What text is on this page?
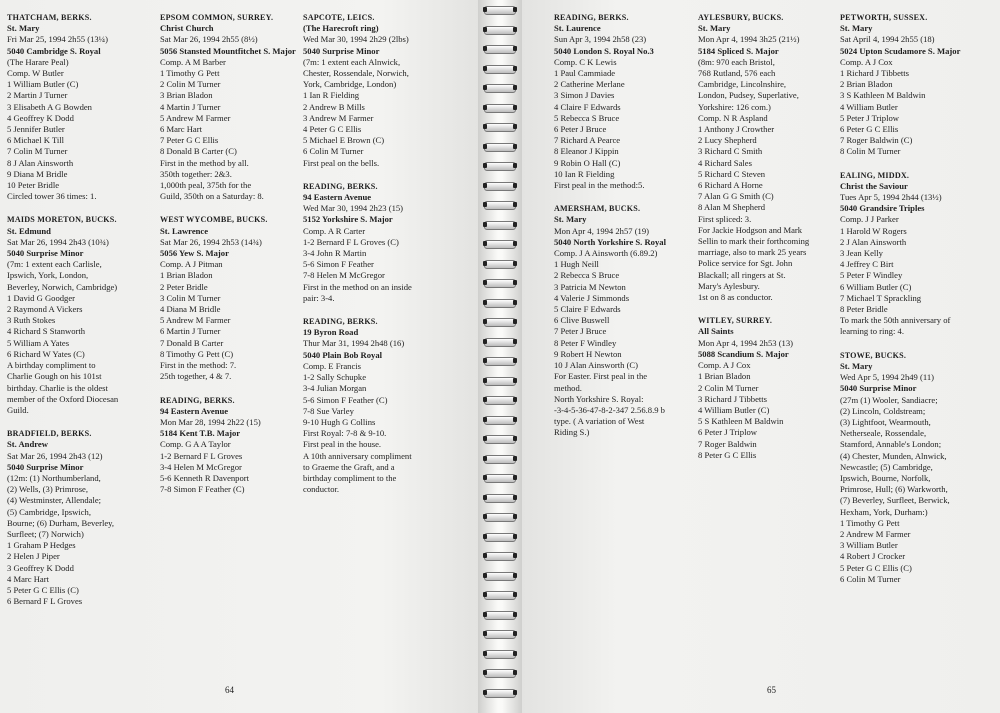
THATCHAM, BERKS.
St. Mary
Fri Mar 25, 1994 2h55 (13¼)
5040 Cambridge S. Royal
(The Harare Peal)
Comp. W Butler
1 William Butler (C)
2 Martin J Turner
3 Elisabeth A G Bowden
4 Geoffrey K Dodd
5 Jennifer Butler
6 Michael K Till
7 Colin M Turner
8 J Alan Ainsworth
9 Diana M Bridle
10 Peter Bridle
Circled tower 36 times: 1.
MAIDS MORETON, BUCKS.
St. Edmund
Sat Mar 26, 1994 2h43 (10¾)
5040 Surprise Minor
(7m: 1 extent each Carlisle,
Ipswich, York, London,
Beverley, Norwich, Cambridge)
1 David G Goodger
2 Raymond A Vickers
3 Ruth Stokes
4 Richard S Stanworth
5 William A Yates
6 Richard W Yates (C)
A birthday compliment to
Charlie Gough on his 101st
birthday. Charlie is the oldest
member of the Oxford Diocesan
Guild.
BRADFIELD, BERKS.
St. Andrew
Sat Mar 26, 1994 2h43 (12)
5040 Surprise Minor
(12m: (1) Northumberland,
(2) Wells, (3) Primrose,
(4) Westminster, Allendale;
(5) Cambridge, Ipswich,
Bourne; (6) Durham, Beverley,
Surfleet; (7) Norwich)
1 Graham P Hedges
2 Helen J Piper
3 Geoffrey K Dodd
4 Marc Hart
5 Peter G C Ellis (C)
6 Bernard F L Groves
EPSOM COMMON, SURREY.
Christ Church
Sat Mar 26, 1994 2h55 (8½)
5056 Stansted Mountfitchet S. Major
Comp. A M Barber
1 Timothy G Pett
2 Colin M Turner
3 Brian Bladon
4 Martin J Turner
5 Andrew M Farmer
6 Marc Hart
7 Peter G C Ellis
8 Donald B Carter (C)
First in the method by all.
350th together: 2&3.
1,000th peal, 375th for the
Guild, 350th on a Saturday: 8.
WEST WYCOMBE, BUCKS.
St. Lawrence
Sat Mar 26, 1994 2h53 (14¾)
5056 Yew S. Major
Comp. A J Pitman
1 Brian Bladon
2 Peter Bridle
3 Colin M Turner
4 Diana M Bridle
5 Andrew M Farmer
6 Martin J Turner
7 Donald B Carter
8 Timothy G Pett (C)
First in the method: 7.
25th together, 4 & 7.
READING, BERKS.
94 Eastern Avenue
Mon Mar 28, 1994 2h22 (15)
5184 Kent T.B. Major
Comp. G A A Taylor
1-2 Bernard F L Groves
3-4 Helen M McGregor
5-6 Kenneth R Davenport
7-8 Simon F Feather (C)
SAPCOTE, LEICS.
(The Harecroft ring)
Wed Mar 30, 1994 2h29 (2lbs)
5040 Surprise Minor
(7m: 1 extent each Alnwick,
Chester, Rossendale, Norwich,
York, Cambridge, London)
1 Ian R Fielding
2 Andrew B Mills
3 Andrew M Farmer
4 Peter G C Ellis
5 Michael E Brown (C)
6 Colin M Turner
First peal on the bells.
READING, BERKS.
94 Eastern Avenue
Wed Mar 30, 1994 2h23 (15)
5152 Yorkshire S. Major
Comp. A R Carter
1-2 Bernard F L Groves (C)
3-4 John R Martin
5-6 Simon F Feather
7-8 Helen M McGregor
First in the method on an inside
pair: 3-4.
READING, BERKS.
19 Byron Road
Thur Mar 31, 1994 2h48 (16)
5040 Plain Bob Royal
Comp. E Francis
1-2 Sally Schupke
3-4 Julian Morgan
5-6 Simon F Feather (C)
7-8 Sue Varley
9-10 Hugh G Collins
First Royal: 7-8 & 9-10.
First peal in the house.
A 10th anniversary compliment
to Graeme the Graft, and a
birthday compliment to the
conductor.
64
READING, BERKS.
St. Laurence
Sun Apr 3, 1994 2h58 (23)
5040 London S. Royal No.3
Comp. C K Lewis
1 Paul Cammiade
2 Catherine Merlane
3 Simon J Davies
4 Claire F Edwards
5 Rebecca S Bruce
6 Peter J Bruce
7 Richard A Pearce
8 Eleanor J Kippin
9 Robin O Hall (C)
10 Ian R Fielding
First peal in the method:5.
AMERSHAM, BUCKS.
St. Mary
Mon Apr 4, 1994 2h57 (19)
5040 North Yorkshire S. Royal
Comp. J A Ainsworth (6.89.2)
1 Hugh Neill
2 Rebecca S Bruce
3 Patricia M Newton
4 Valerie J Simmonds
5 Claire F Edwards
6 Clive Buswell
7 Peter J Bruce
8 Peter F Windley
9 Robert H Newton
10 J Alan Ainsworth (C)
For Easter. First peal in the
method.
North Yorkshire S. Royal:
-3-4-5-36-47-8-2-347 2.56.8.9 b
type. ( A variation of West
Riding S.)
AYLESBURY, BUCKS.
St. Mary
Mon Apr 4, 1994 3h25 (21½)
5184 Spliced S. Major
(8m: 970 each Bristol,
768 Rutland, 576 each
Cambridge, Lincolnshire,
London, Pudsey, Superlative,
Yorkshire: 126 com.)
Comp. N R Aspland
1 Anthony J Crowther
2 Lucy Shepherd
3 Richard C Smith
4 Richard Sales
5 Richard C Steven
6 Richard A Horne
7 Alan G G Smith (C)
8 Alan M Shepherd
First spliced: 3.
For Jackie Hodgson and Mark
Sellin to mark their forthcoming
marriage, also to mark 25 years
Police service for Sgt. John
Blackall; all ringers at St.
Mary's Aylesbury.
1st on 8 as conductor.
WITLEY, SURREY.
All Saints
Mon Apr 4, 1994 2h53 (13)
5088 Scandium S. Major
Comp. A J Cox
1 Brian Bladon
2 Colin M Turner
3 Richard J Tibbetts
4 William Butler (C)
5 S Kathleen M Baldwin
6 Peter J Triplow
7 Roger Baldwin
8 Peter G C Ellis
PETWORTH, SUSSEX.
St. Mary
Sat April 4, 1994 2h55 (18)
5024 Upton Scudamore S. Major
Comp. A J Cox
1 Richard J Tibbetts
2 Brian Bladon
3 S Kathleen M Baldwin
4 William Butler
5 Peter J Triplow
6 Peter G C Ellis
7 Roger Baldwin (C)
8 Colin M Turner
EALING, MIDDX.
Christ the Saviour
Tues Apr 5, 1994 2h44 (13½)
5040 Grandsire Triples
Comp. J J Parker
1 Harold W Rogers
2 J Alan Ainsworth
3 Jean Kelly
4 Jeffrey C Birt
5 Peter F Windley
6 William Butler (C)
7 Michael T Sprackling
8 Peter Bridle
To mark the 50th anniversary of
learning to ring: 4.
STOWE, BUCKS.
St. Mary
Wed Apr 5, 1994 2h49 (11)
5040 Surprise Minor
(27m (1) Wooler, Sandiacre;
(2) Lincoln, Coldstream;
(3) Lightfoot, Wearmouth,
Netherseale, Rossendale,
Stamford, Annable's London;
(4) Chester, Munden, Alnwick,
Newcastle; (5) Cambridge,
Ipswich, Bourne, Norfolk,
Primrose, Hull; (6) Warkworth,
(7) Beverley, Surfleet, Berwick,
Hexham, York, Durham:)
1 Timothy G Pett
2 Andrew M Farmer
3 William Butler
4 Robert J Crocker
5 Peter G C Ellis (C)
6 Colin M Turner
65
